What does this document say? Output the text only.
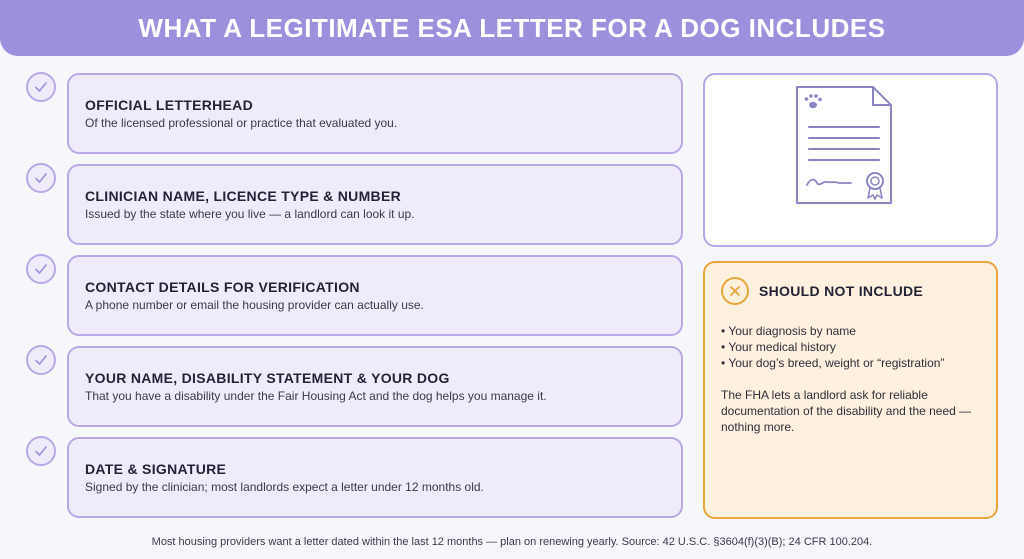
WHAT A LEGITIMATE ESA LETTER FOR A DOG INCLUDES
OFFICIAL LETTERHEAD
Of the licensed professional or practice that evaluated you.
CLINICIAN NAME, LICENCE TYPE & NUMBER
Issued by the state where you live — a landlord can look it up.
CONTACT DETAILS FOR VERIFICATION
A phone number or email the housing provider can actually use.
YOUR NAME, DISABILITY STATEMENT & YOUR DOG
That you have a disability under the Fair Housing Act and the dog helps you manage it.
DATE & SIGNATURE
Signed by the clinician; most landlords expect a letter under 12 months old.
SHOULD NOT INCLUDE
• Your diagnosis by name
• Your medical history
• Your dog’s breed, weight or “registration”

The FHA lets a landlord ask for reliable documentation of the disability and the need — nothing more.

Most housing providers want a letter dated within the last 12 months — plan on renewing yearly. Source: 42 U.S.C. §3604(f)(3)(B); 24 CFR 100.204.
